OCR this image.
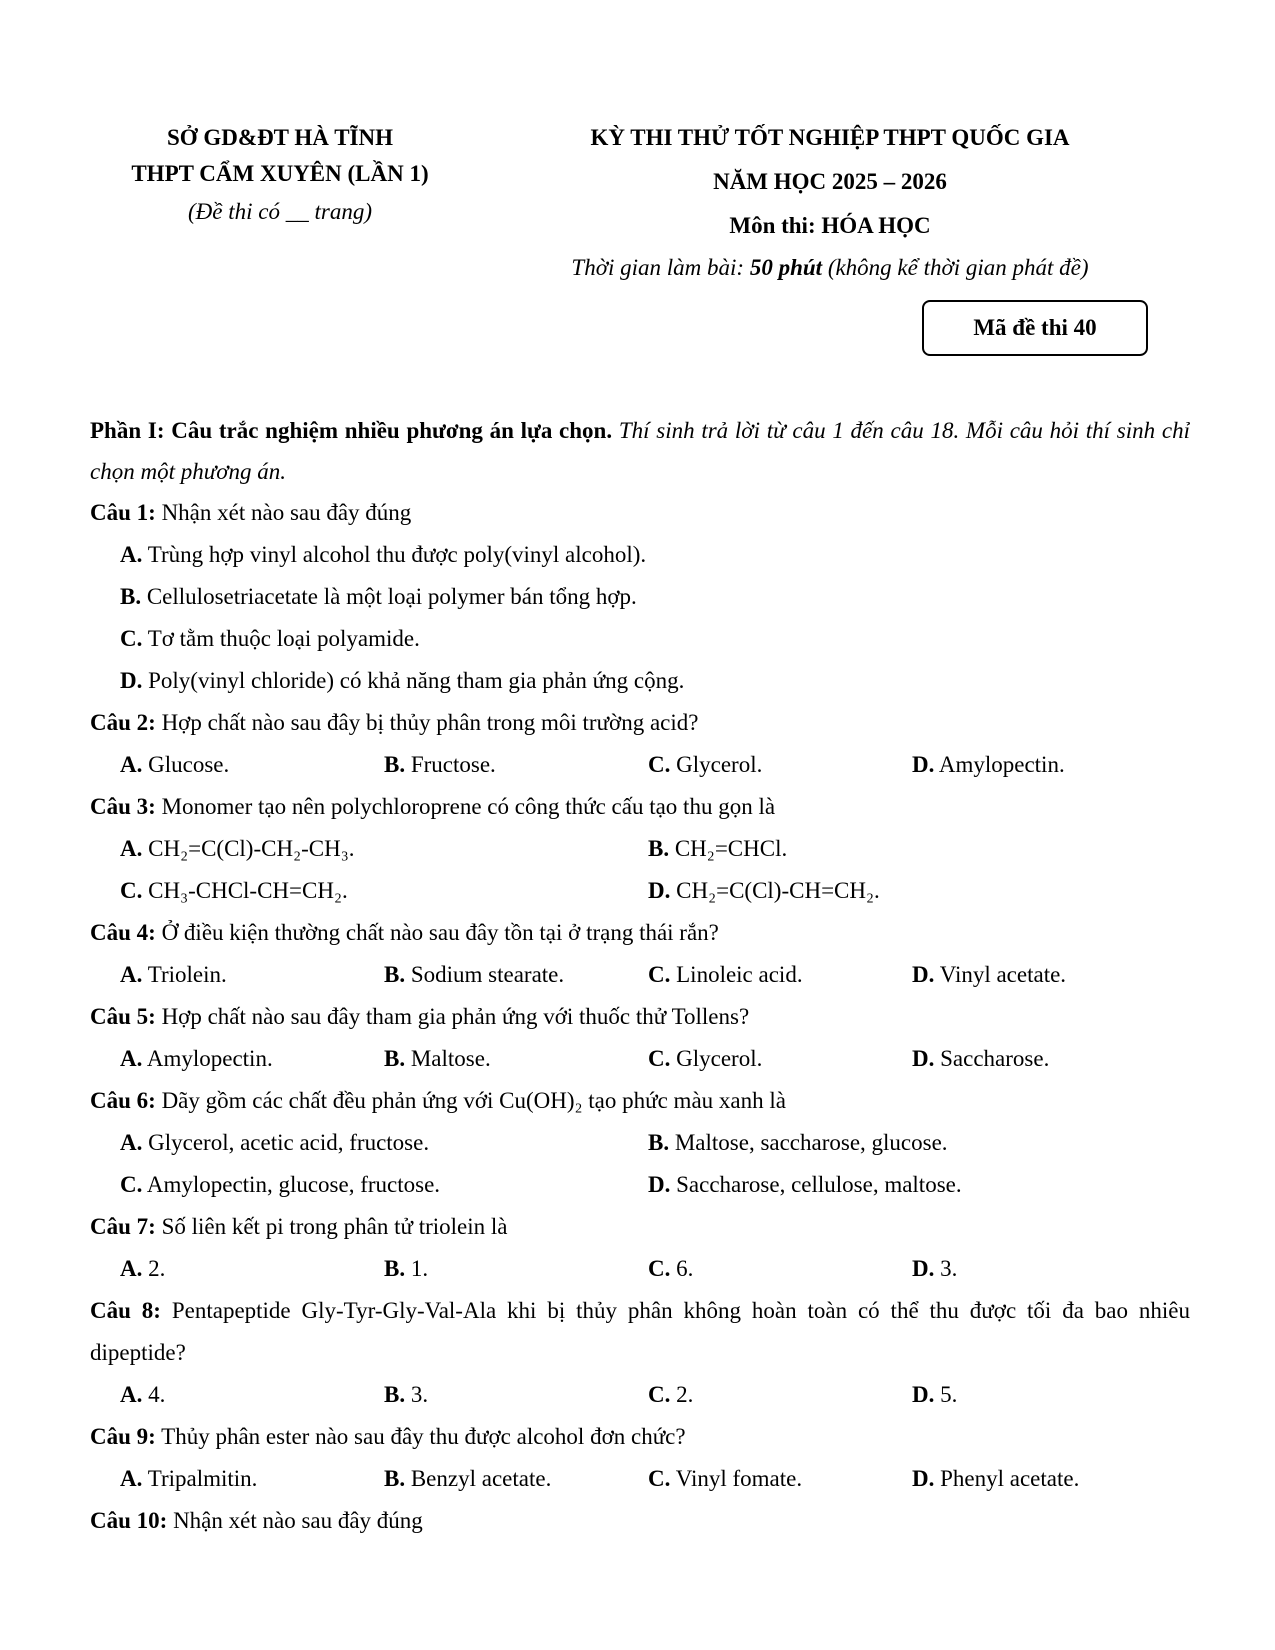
SỞ GD&ĐT HÀ TĨNH
THPT CẨM XUYÊN (LẦN 1)
(Đề thi có __ trang)
KỲ THI THỬ TỐT NGHIỆP THPT QUỐC GIA
NĂM HỌC 2025 – 2026
Môn thi: HÓA HỌC
Thời gian làm bài: 50 phút (không kể thời gian phát đề)
Mã đề thi 40
Phần I: Câu trắc nghiệm nhiều phương án lựa chọn. Thí sinh trả lời từ câu 1 đến câu 18. Mỗi câu hỏi thí sinh chỉ chọn một phương án.
Câu 1: Nhận xét nào sau đây đúng
A. Trùng hợp vinyl alcohol thu được poly(vinyl alcohol).
B. Cellulosetriacetate là một loại polymer bán tổng hợp.
C. Tơ tằm thuộc loại polyamide.
D. Poly(vinyl chloride) có khả năng tham gia phản ứng cộng.
Câu 2: Hợp chất nào sau đây bị thủy phân trong môi trường acid?
A. Glucose.	B. Fructose.	C. Glycerol.	D. Amylopectin.
Câu 3: Monomer tạo nên polychloroprene có công thức cấu tạo thu gọn là
A. CH₂=C(Cl)-CH₂-CH₃.	B. CH₂=CHCl.
C. CH₃-CHCl-CH=CH₂.	D. CH₂=C(Cl)-CH=CH₂.
Câu 4: Ở điều kiện thường chất nào sau đây tồn tại ở trạng thái rắn?
A. Triolein.	B. Sodium stearate.	C. Linoleic acid.	D. Vinyl acetate.
Câu 5: Hợp chất nào sau đây tham gia phản ứng với thuốc thử Tollens?
A. Amylopectin.	B. Maltose.	C. Glycerol.	D. Saccharose.
Câu 6: Dãy gồm các chất đều phản ứng với Cu(OH)₂ tạo phức màu xanh là
A. Glycerol, acetic acid, fructose.	B. Maltose, saccharose, glucose.
C. Amylopectin, glucose, fructose.	D. Saccharose, cellulose, maltose.
Câu 7: Số liên kết pi trong phân tử triolein là
A. 2.	B. 1.	C. 6.	D. 3.
Câu 8: Pentapeptide Gly-Tyr-Gly-Val-Ala khi bị thủy phân không hoàn toàn có thể thu được tối đa bao nhiêu dipeptide?
A. 4.	B. 3.	C. 2.	D. 5.
Câu 9: Thủy phân ester nào sau đây thu được alcohol đơn chức?
A. Tripalmitin.	B. Benzyl acetate.	C. Vinyl fomate.	D. Phenyl acetate.
Câu 10: Nhận xét nào sau đây đúng
